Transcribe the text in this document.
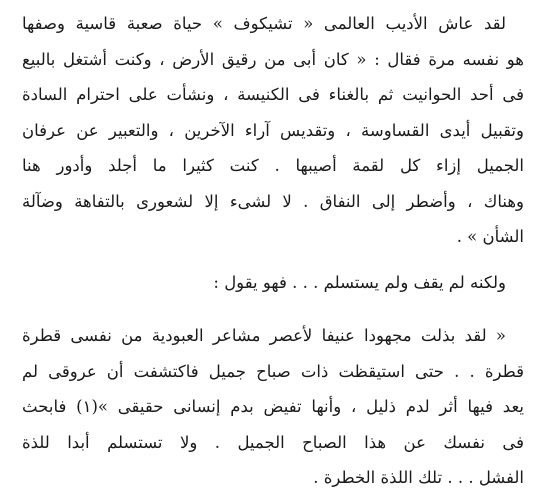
لقد عاش الأديب العالمى « تشيكوف » حياة صعبة قاسية وصفها
هو نفسه مرة فقال : « كان أبى من رقيق الأرض ، وكنت أشتغل بالبيع
فى أحد الحوانيت ثم بالغناء فى الكنيسة ، ونشأت على احترام السادة
وتقبيل أيدى القساوسة ، وتقديس آراء الآخرين ، والتعبير عن عرفان
الجميل إزاء كل لقمة أصيبها . كنت كثيرا ما أجلد وأدور هنا
وهناك ، وأضطر إلى النفاق . لا لشىء إلا لشعورى بالتفاهة وضآلة
الشأن » .
ولكنه لم يقف ولم يستسلم . . . فهو يقول :
« لقد بذلت مجهودا عنيفا لأعصر مشاعر العبودية من نفسى قطرة
قطرة . . حتى استيقظت ذات صباح جميل فاكتشفت أن عروقى لم
يعد فيها أثر لدم ذليل ، وأنها تفيض بدم إنسانى حقيقى »(١) فابحث
فى نفسك عن هذا الصباح الجميل . ولا تستسلم أبدا للذة
الفشل . . . تلك اللذة الخطرة .
